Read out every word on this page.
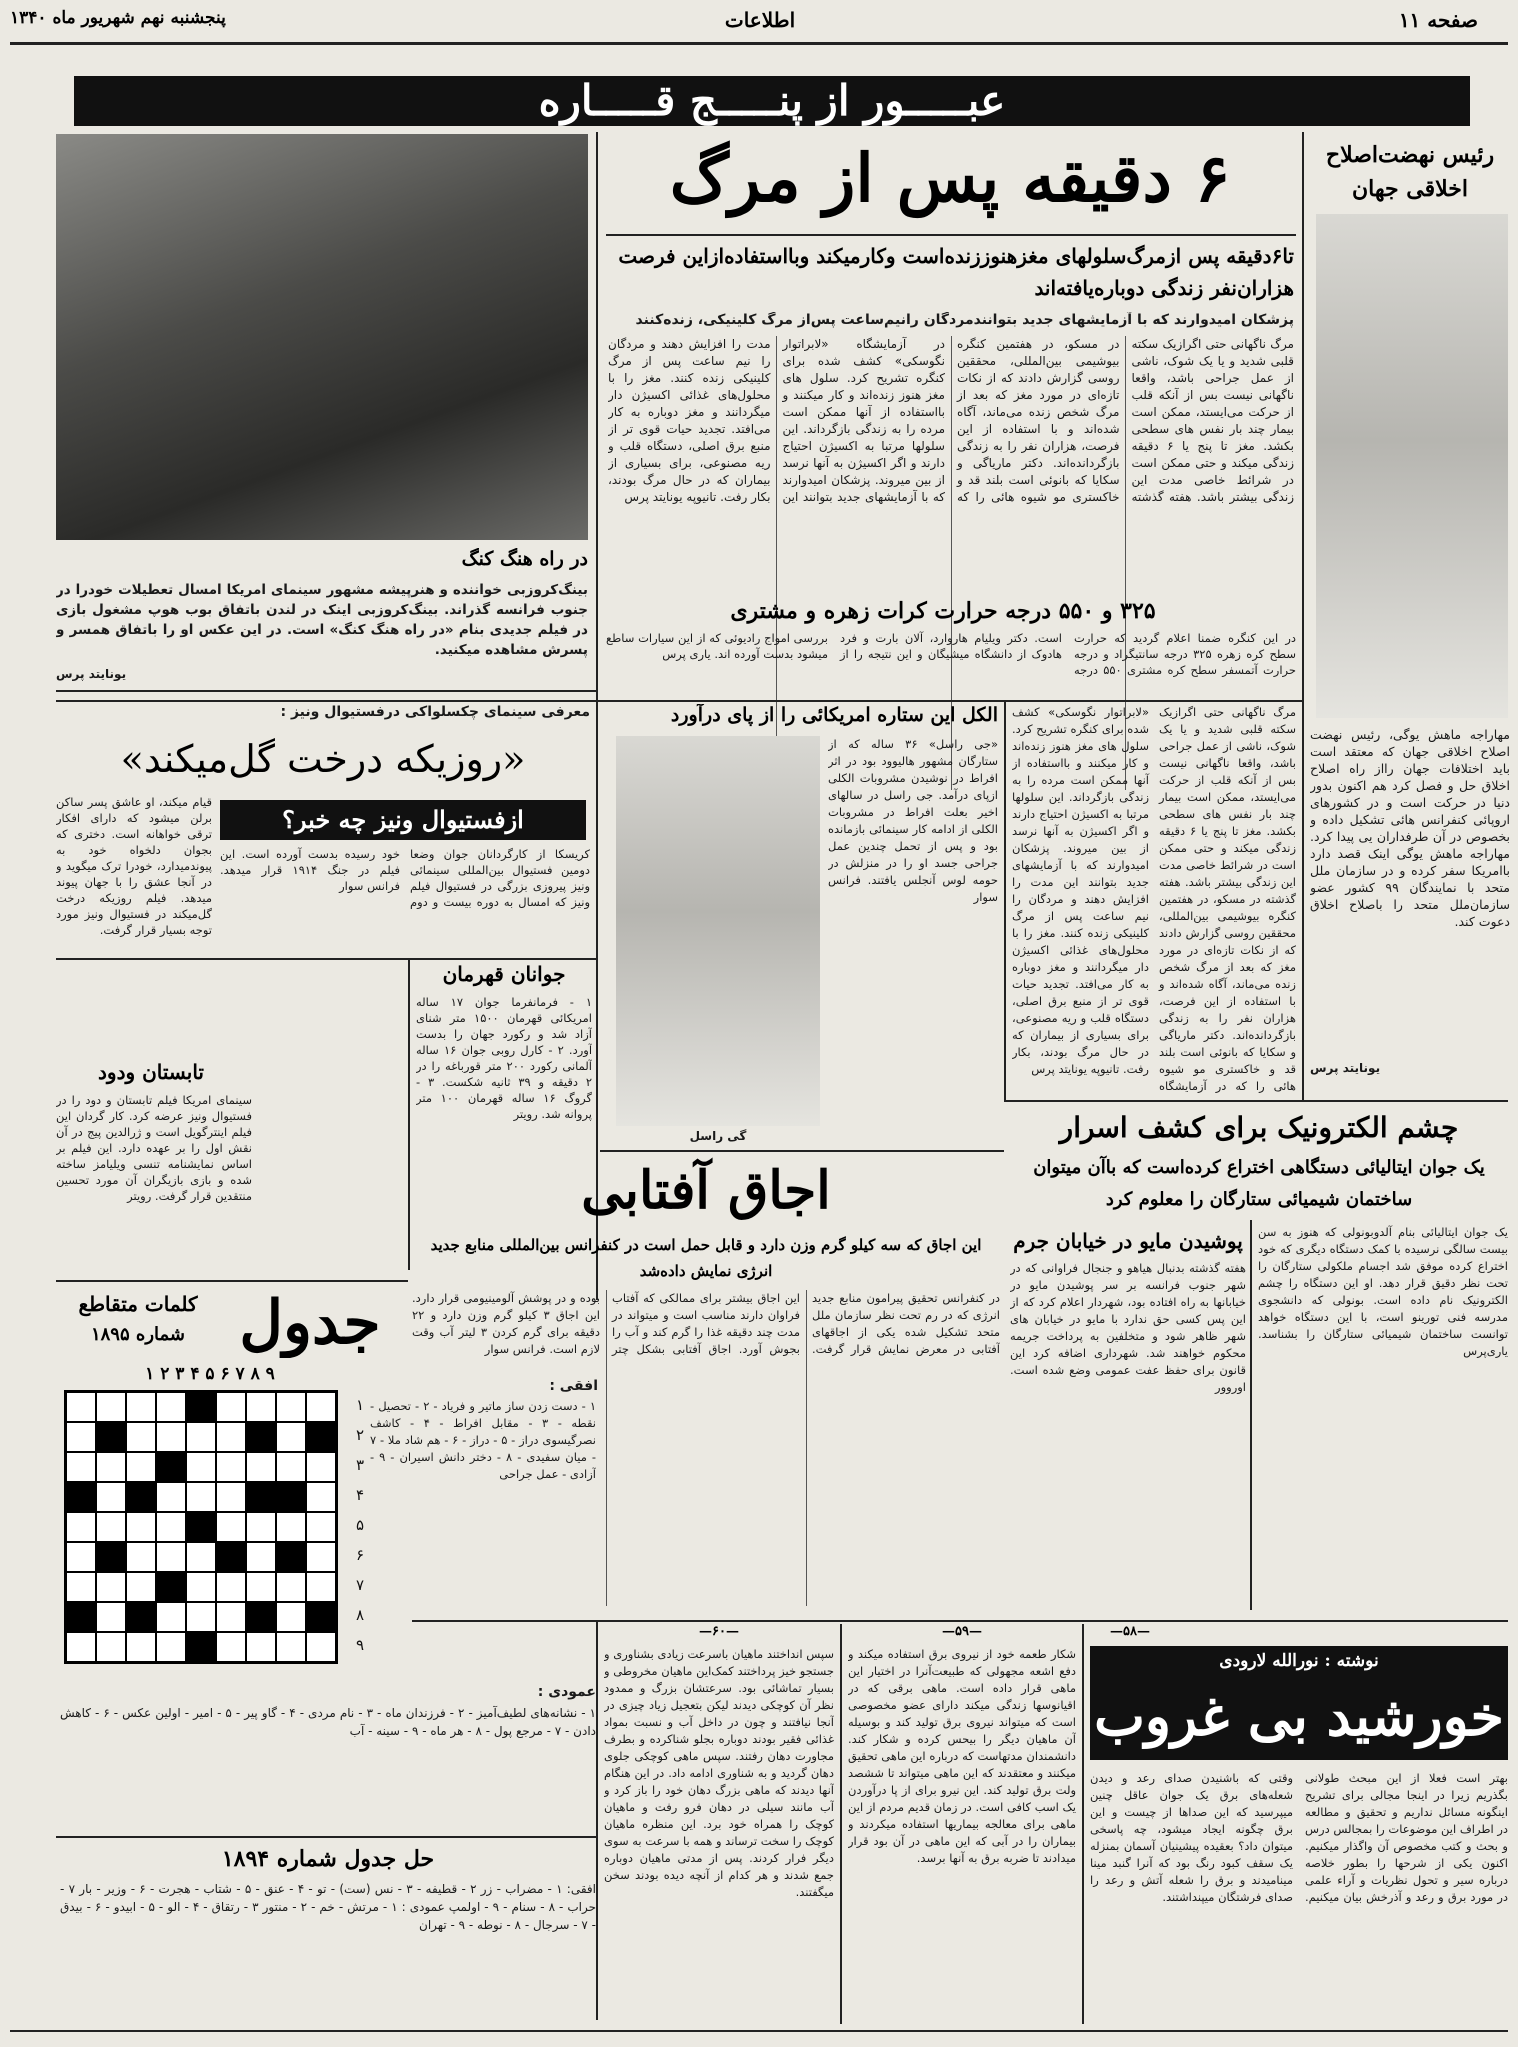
صفحه ۱۱
اطلاعات
پنجشنبه نهم شهریور ماه ۱۳۴۰
عبـــــور از پنـــــج قـــــاره
رئیس نهضت‌اصلاح اخلاقی جهان
مهاراجه ماهش یوگی، رئیس نهضت اصلاح اخلاقی جهان که معتقد است باید اختلافات جهان رااز راه اصلاح اخلاق حل و فصل کرد هم اکنون بدور دنیا در حرکت است و در کشورهای اروپائی کنفرانس هائی تشکیل داده و بخصوص در آن طرفداران یی پیدا کرد. مهاراجه ماهش یوگی اینک قصد دارد باامریکا سفر کرده و در سازمان ملل متحد با نمایندگان ۹۹ کشور عضو سازمان‌ملل متحد را باصلاح اخلاق دعوت کند.
یونایتد پرس
۶ دقیقه پس از مرگ
تا۶دقیقه پس ازمرگ‌سلولهای مغزهنوززنده‌است وکارمیکند وبااستفاده‌ازاین فرصت هزاران‌نفر زندگی دوباره‌یافته‌اند
پزشکان امیدوارند که با آزمایشهای جدید بتوانندمردگان رانیم‌ساعت پس‌از مرگ کلینیکی، زنده‌کنند
مرگ ناگهانی حتی اگرازیک سکته قلبی شدید و یا یک شوک، ناشی از عمل جراحی باشد، واقعا ناگهانی نیست بس از آنکه قلب از حرکت می‌ایستد، ممکن است بیمار چند بار نفس های سطحی بکشد. مغز تا پنج یا ۶ دقیقه زندگی میکند و حتی ممکن است در شرائط خاصی مدت این زندگی بیشتر باشد. هفته گذشته در مسکو، در هفتمین کنگره بیوشیمی بین‌المللی، محققین روسی گزارش دادند که از نکات تازه‌ای در مورد مغز که بعد از مرگ شخص زنده می‌ماند، آگاه شده‌اند و با استفاده از این فرصت، هزاران نفر را به زندگی بازگردانده‌اند. دکتر ماریاگی و سکایا که بانوئی است بلند قد و خاکستری مو شیوه هائی را که در آزمایشگاه «لابراتوار نگوسکی» کشف شده برای کنگره تشریح کرد. سلول های مغز هنوز زنده‌اند و کار میکنند و بااستفاده از آنها ممکن است مرده را به زندگی بازگرداند. این سلولها مرتبا به اکسیژن احتیاج دارند و اگر اکسیژن به آنها نرسد از بین میروند. پزشکان امیدوارند که با آزمایشهای جدید بتوانند این مدت را افزایش دهند و مردگان را نیم ساعت پس از مرگ کلینیکی زنده کنند. مغز را با محلول‌های غذائی اکسیژن دار میگردانند و مغز دوباره به کار می‌افتد. تجدید حیات قوی تر از منبع برق اصلی، دستگاه قلب و ریه مصنوعی، برای بسیاری از بیماران که در حال مرگ بودند، بکار رفت. تانیوپه یونایتد پرس
در راه هنگ کنگ
بینگ‌کروزبی خواننده و هنرپیشه مشهور سینمای امریکا امسال تعطیلات خودرا در جنوب فرانسه گذراند. بینگ‌کروزبی اینک در لندن باتفاق بوب هوپ مشغول بازی در فیلم جدیدی بنام «در راه هنگ کنگ» است. در این عکس او را باتفاق همسر و پسرش مشاهده میکنید.
یونایتد پرس
۳۲۵ و ۵۵۰ درجه حرارت کرات زهره و مشتری
در این کنگره ضمنا اعلام گردید که حرارت سطح کره زهره ۳۲۵ درجه سانتیگراد و درجه حرارت آتمسفر سطح کره مشتری ۵۵۰ درجه است. دکتر ویلیام هاروارد، آلان بارت و فرد هادوک از دانشگاه میشیگان و این نتیجه را از بررسی امواج رادیوئی که از این سیارات ساطع میشود بدست آورده اند. یاری پرس
الکل این ستاره امریکائی را از پای درآورد
«جی راسل» ۳۶ ساله که از ستارگان مشهور هالیوود بود در اثر افراط در نوشیدن مشروبات الکلی ازپای درآمد. جی راسل در سالهای اخیر بعلت افراط در مشروبات الکلی از ادامه کار سینمائی بازمانده بود و پس از تحمل چندین عمل جراحی جسد او را در منزلش در حومه لوس آنجلس یافتند. فرانس سوار
گی راسل
مرگ ناگهانی حتی اگرازیک سکته قلبی شدید و یا یک شوک، ناشی از عمل جراحی باشد، واقعا ناگهانی نیست بس از آنکه قلب از حرکت می‌ایستد، ممکن است بیمار چند بار نفس های سطحی بکشد. مغز تا پنج یا ۶ دقیقه زندگی میکند و حتی ممکن است در شرائط خاصی مدت این زندگی بیشتر باشد. هفته گذشته در مسکو، در هفتمین کنگره بیوشیمی بین‌المللی، محققین روسی گزارش دادند که از نکات تازه‌ای در مورد مغز که بعد از مرگ شخص زنده می‌ماند، آگاه شده‌اند و با استفاده از این فرصت، هزاران نفر را به زندگی بازگردانده‌اند. دکتر ماریاگی و سکایا که بانوئی است بلند قد و خاکستری مو شیوه هائی را که در آزمایشگاه «لابراتوار نگوسکی» کشف شده برای کنگره تشریح کرد. سلول های مغز هنوز زنده‌اند و کار میکنند و بااستفاده از آنها ممکن است مرده را به زندگی بازگرداند. این سلولها مرتبا به اکسیژن احتیاج دارند و اگر اکسیژن به آنها نرسد از بین میروند. پزشکان امیدوارند که با آزمایشهای جدید بتوانند این مدت را افزایش دهند و مردگان را نیم ساعت پس از مرگ کلینیکی زنده کنند. مغز را با محلول‌های غذائی اکسیژن دار میگردانند و مغز دوباره به کار می‌افتد. تجدید حیات قوی تر از منبع برق اصلی، دستگاه قلب و ریه مصنوعی، برای بسیاری از بیماران که در حال مرگ بودند، بکار رفت. تانیوپه یونایتد پرس
معرفی سینمای چکسلواکی درفستیوال ونیز :
«روزیکه درخت گل‌میکند»
قیام میکند، او عاشق پسر ساکن برلن میشود که دارای افکار ترقی خواهانه است. دختری که بجوان دلخواه خود به پیوندمیدارد، خودرا ترک میگوید و در آنجا عشق را با جهان پیوند میدهد. فیلم روزیکه درخت گل‌میکند در فستیوال ونیز مورد توجه بسیار قرار گرفت.
ازفستیوال ونیز چه خبر؟
کریسکا از کارگردانان جوان وضعا دومین فستیوال بین‌المللی سینمائی ونیز پیروزی بزرگی در فستیوال فیلم ونیز که امسال به دوره بیست و دوم خود رسیده بدست آورده است. این فیلم در جنگ ۱۹۱۴ قرار میدهد. فرانس سوار
جوانان قهرمان
۱ - فرمانفرما جوان ۱۷ ساله امریکائی قهرمان ۱۵۰۰ متر شنای آزاد شد و رکورد جهان را بدست آورد. ۲ - کارل روبی جوان ۱۶ ساله آلمانی رکورد ۲۰۰ متر قورباغه را در ۲ دقیقه و ۳۹ ثانیه شکست. ۳ - گروگ ۱۶ ساله قهرمان ۱۰۰ متر پروانه شد. رویتر
تابستان ودود
سینمای امریکا فیلم تابستان و دود را در فستیوال ونیز عرضه کرد. کار گردان این فیلم اینترگویل است و ژرالدین پیج در آن نقش اول را بر عهده دارد. این فیلم بر اساس نمایشنامه تنسی ویلیامز ساخته شده و بازی بازیگران آن مورد تحسین منتقدین قرار گرفت. رویتر
چشم الکترونیک برای کشف اسرار
یک جوان ایتالیائی دستگاهی اختراع کرده‌است که باآن میتوان ساختمان شیمیائی ستارگان را معلوم کرد
یک جوان ایتالیائی بنام آلدوبونولی که هنوز به سن بیست سالگی نرسیده با کمک دستگاه دیگری که خود اختراع کرده موفق شد اجسام ملکولی ستارگان را تحت نظر دقیق قرار دهد. او این دستگاه را چشم الکترونیک نام داده است. بونولی که دانشجوی مدرسه فنی تورینو است، با این دستگاه خواهد توانست ساختمان شیمیائی ستارگان را بشناسد. یاری‌پرس
پوشیدن مایو در خیابان جرم
هفته گذشته بدنبال هیاهو و جنجال فراوانی که در شهر جنوب فرانسه بر سر پوشیدن مایو در خیابانها به راه افتاده بود، شهردار اعلام کرد که از این پس کسی حق ندارد با مایو در خیابان های شهر ظاهر شود و متخلفین به پرداخت جریمه محکوم خواهند شد. شهرداری اضافه کرد این قانون برای حفظ عفت عمومی وضع شده است. اوروور
اجاق آفتابی
این اجاق که سه کیلو گرم وزن دارد و قابل حمل است در کنفرانس بین‌المللی منابع جدید انرژی نمایش داده‌شد
در کنفرانس تحقیق پیرامون منابع جدید انرژی که در رم تحت نظر سازمان ملل متحد تشکیل شده یکی از اجاقهای آفتابی در معرض نمایش قرار گرفت. این اجاق بیشتر برای ممالکی که آفتاب فراوان دارند مناسب است و میتواند در مدت چند دقیقه غذا را گرم کند و آب را بجوش آورد. اجاق آفتابی بشکل چتر بوده و در پوشش آلومینیومی قرار دارد. این اجاق ۳ کیلو گرم وزن دارد و ۲۲ دقیقه برای گرم کردن ۳ لیتر آب وقت لازم است. فرانس سوار
جدول
کلمات متقاطع
شماره ۱۸۹۵
۹ ۸ ۷ ۶ ۵ ۴ ۳ ۲ ۱
۱
۲
۳
۴
۵
۶
۷
۸
۹
افقی :
۱ - دست زدن ساز ماتیر و فریاد - ۲ - تحصیل - نقطه - ۳ - مقابل افراط - ۴ - کاشف نصرگیسوی دراز - ۵ - دراز - ۶ - هم شاد ملا - ۷ - میان سفیدی - ۸ - دختر دانش اسیران - ۹ - آزادی - عمل جراحی
عمودی :
۱ - نشانه‌های لطیف‌آمیز - ۲ - فرزندان ماه - ۳ - نام مردی - ۴ - گاو پیر - ۵ - امیر - اولین عکس - ۶ - کاهش دادن - ۷ - مرجع پول - ۸ - هر ماه - ۹ - سینه - آب
حل جدول شماره ۱۸۹۴
افقی: ۱ - مضراب - زر ۲ - قطیفه - ۳ - نس (ست) - تو - ۴ - عنق - ۵ - شتاب - هجرت - ۶ - وزیر - بار ۷ - حراب - ۸ - سنام - ۹ - اولمپ عمودی : ۱ - مرتش - خم - ۲ - منتور ۳ - رتقاق - ۴ - الو - ۵ - ابیدو - ۶ - بیدق - ۷ - سرجال - ۸ - نوطه - ۹ - تهران
—۶۰—
سپس انداختند ماهیان باسرعت زیادی بشناوری و جستجو خیز پرداختند کمک‌این ماهیان مخروطی و بسیار تماشائی بود. سرعتشان بزرگ و ممدود نظر آن کوچکی دیدند لیکن بتعجیل زیاد چیزی در آنجا نیافتند و چون در داخل آب و نسبت بمواد غذائی فقیر بودند دوباره بجلو شناکرده و بطرف مجاورت دهان رفتند. سپس ماهی کوچکی جلوی دهان گردید و به شناوری ادامه داد. در این هنگام آنها دیدند که ماهی بزرگ دهان خود را باز کرد و آب مانند سیلی در دهان فرو رفت و ماهیان کوچک را همراه خود برد. این منظره ماهیان کوچک را سخت ترساند و همه با سرعت به سوی دیگر فرار کردند. پس از مدتی ماهیان دوباره جمع شدند و هر کدام از آنچه دیده بودند سخن میگفتند.
—۵۹—
شکار طعمه خود از نیروی برق استفاده میکند و دفع اشعه مجهولی که طبیعت‌آنرا در اختیار این ماهی قرار داده است. ماهی برقی که در اقیانوسها زندگی میکند دارای عضو مخصوصی است که میتواند نیروی برق تولید کند و بوسیله آن ماهیان دیگر را بیحس کرده و شکار کند. دانشمندان مدتهاست که درباره این ماهی تحقیق میکنند و معتقدند که این ماهی میتواند تا ششصد ولت برق تولید کند. این نیرو برای از پا درآوردن یک اسب کافی است. در زمان قدیم مردم از این ماهی برای معالجه بیماریها استفاده میکردند و بیماران را در آبی که این ماهی در آن بود قرار میدادند تا ضربه برق به آنها برسد.
—۵۸—
نوشته : نورالله لارودی
خورشید بی غروب
بهتر است فعلا از این مبحث طولانی بگذریم زیرا در اینجا مجالی برای تشریح اینگونه مسائل نداریم و تحقیق و مطالعه در اطراف این موضوعات را بمجالس درس و بحث و کتب مخصوص آن واگذار میکنیم. اکنون یکی از شرحها را بطور خلاصه درباره سیر و تحول نظریات و آراء علمی در مورد برق و رعد و آذرخش بیان میکنیم. وقتی که باشنیدن صدای رعد و دیدن شعله‌های برق یک جوان عاقل چنین میپرسید که این صداها از چیست و این برق چگونه ایجاد میشود، چه پاسخی میتوان داد؟ بعقیده پیشینیان آسمان بمنزله یک سقف کبود رنگ بود که آنرا گنبد مینا مینامیدند و برق را شعله آتش و رعد را صدای فرشتگان میپنداشتند.
